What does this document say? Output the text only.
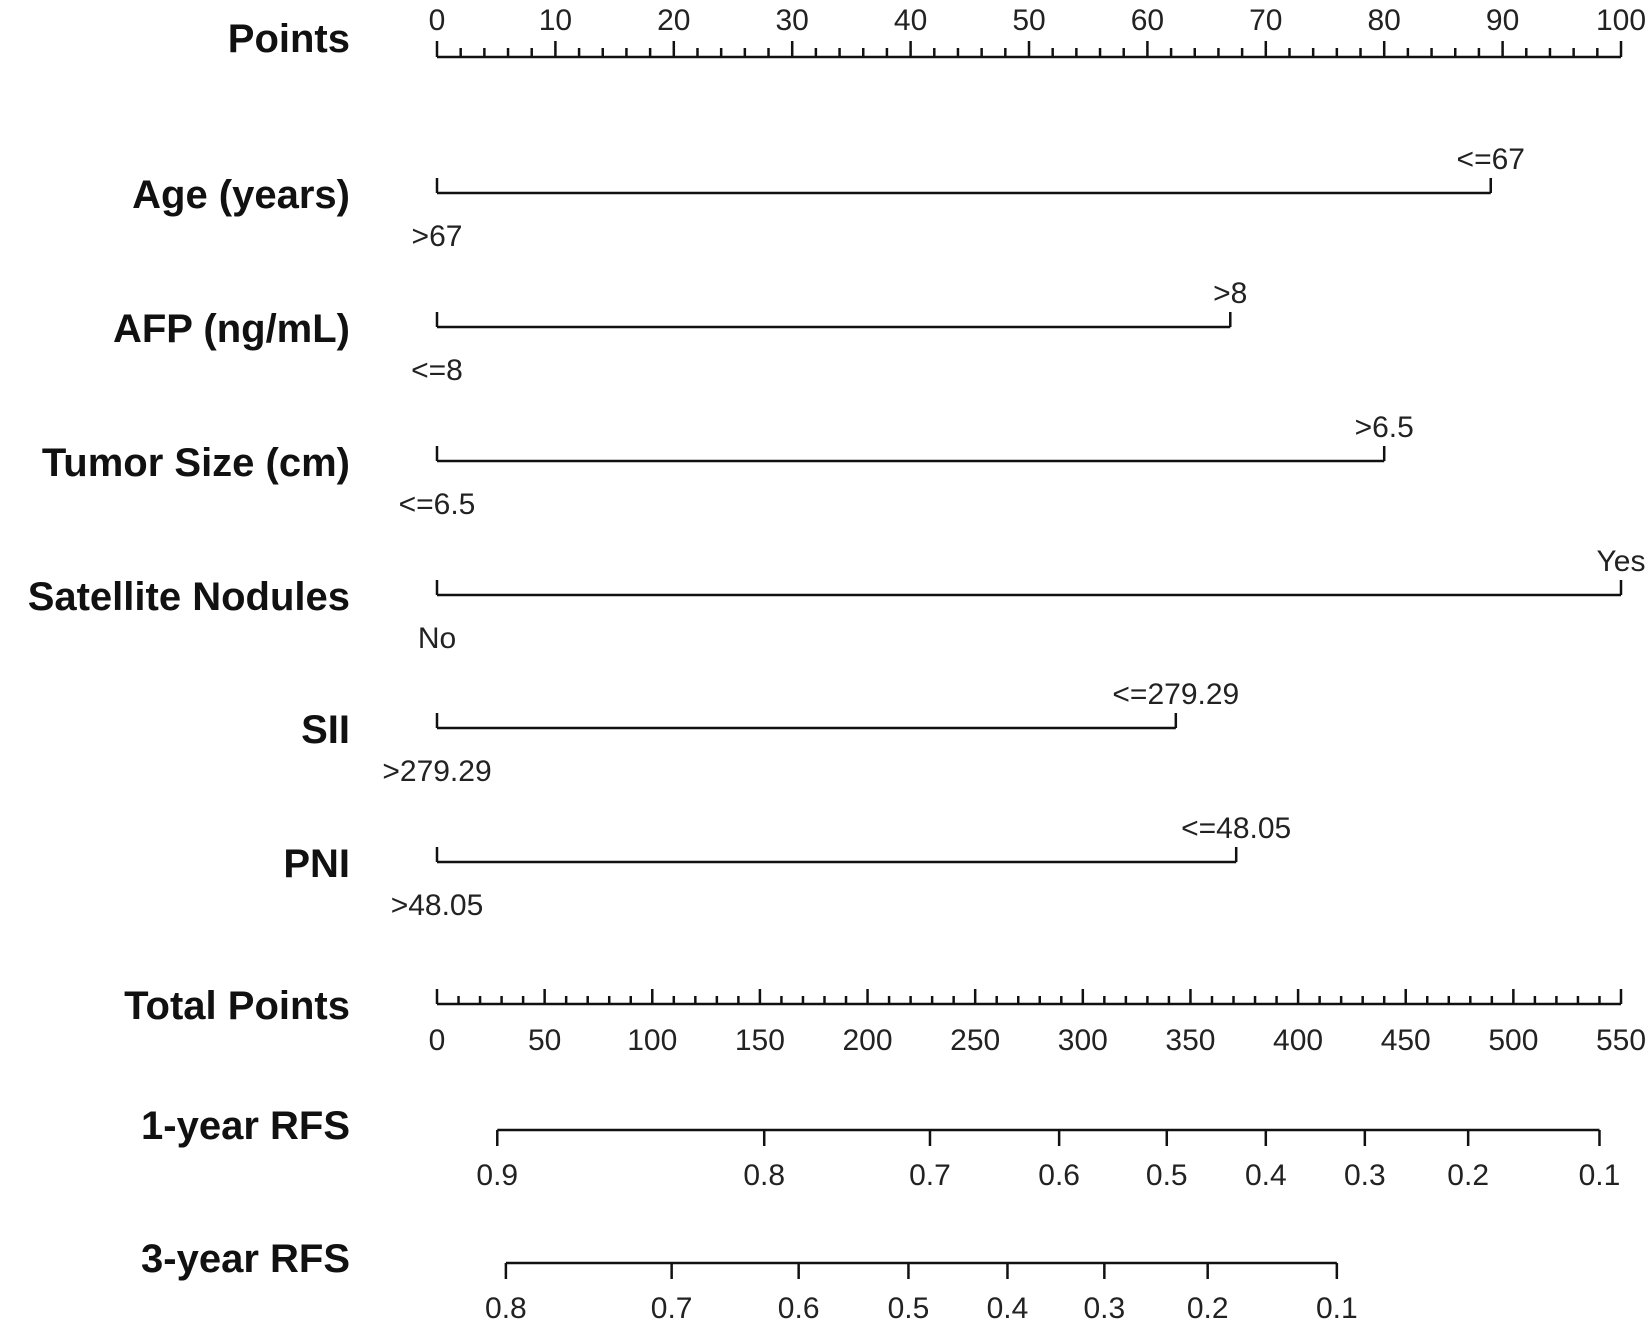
Points
Age (years)
AFP (ng/mL)
Tumor Size (cm)
Satellite Nodules
SII
PNI
Total Points
1-year RFS
3-year RFS
0	10	20	30	40	50	60	70	80	90	100
>67
<=67
<=8
>8
<=6.5
>6.5
No
Yes
>279.29
<=279.29
>48.05
<=48.05
0	50 100 150 200 250 300 350 400 450 500 550
0.9	0.8	0.7	0.6 0.5 0.4 0.3 0.2	0.1
0.8	0.7	0.6 0.5 0.4 0.3 0.2	0.1
